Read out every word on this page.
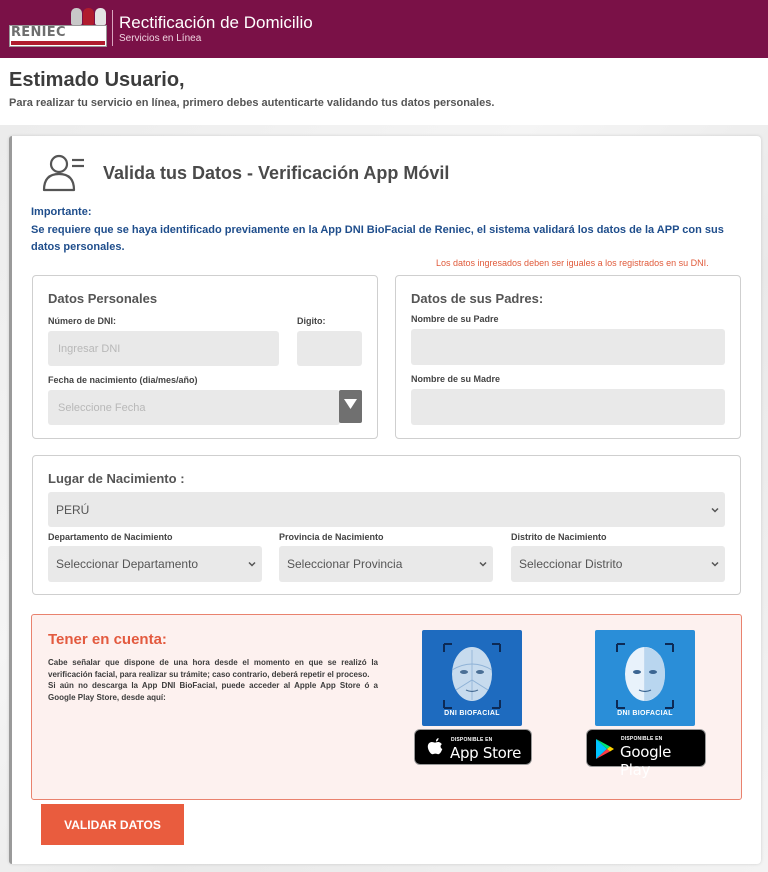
RENIEC
Rectificación de Domicilio
Servicios en Línea
Estimado Usuario,
Para realizar tu servicio en línea, primero debes autenticarte validando tus datos personales.
Valida tus Datos - Verificación App Móvil
Importante:
Se requiere que se haya identificado previamente en la App DNI BioFacial de Reniec, el sistema validará los datos de la APP con sus datos personales.
Los datos ingresados deben ser iguales a los registrados en su DNI.
Datos Personales
Número de DNI:
Ingresar DNI
Digito:
Fecha de nacimiento (dia/mes/año)
Seleccione Fecha
Datos de sus Padres:
Nombre de su Padre
Nombre de su Madre
Lugar de Nacimiento :
PERÚ
Departamento de Nacimiento
Seleccionar Departamento
Provincia de Nacimiento
Seleccionar Provincia
Distrito de Nacimiento
Seleccionar Distrito
Tener en cuenta:
Cabe señalar que dispone de una hora desde el momento en que se realizó la verificación facial, para realizar su trámite; caso contrario, deberá repetir el proceso.
Si aún no descarga la App DNI BioFacial, puede acceder al Apple App Store ó a Google Play Store, desde aquí:
DNI BIOFACIAL
DISPONIBLE EN
App Store
DNI BIOFACIAL
DISPONIBLE EN
Google Play
VALIDAR DATOS
